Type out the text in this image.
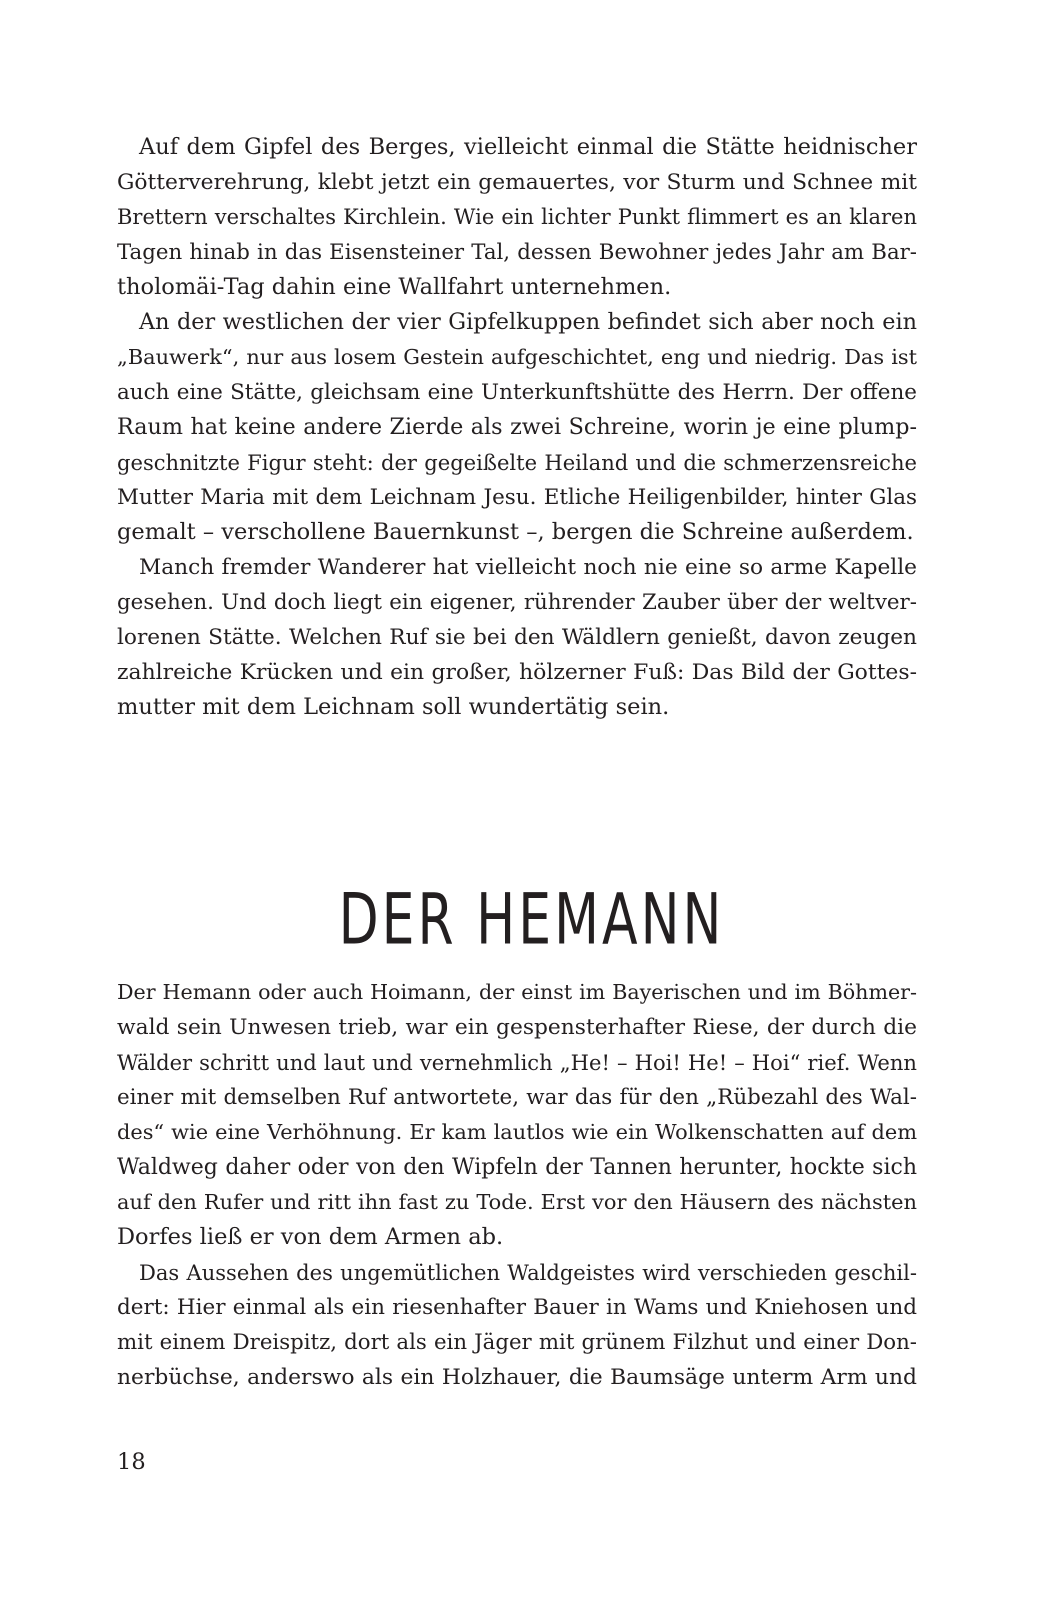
Auf dem Gipfel des Berges, vielleicht einmal die Stätte heidnischer
Götterverehrung, klebt jetzt ein gemauertes, vor Sturm und Schnee mit
Brettern verschaltes Kirchlein. Wie ein lichter Punkt flimmert es an klaren
Tagen hinab in das Eisensteiner Tal, dessen Bewohner jedes Jahr am Bar-
tholomäi-Tag dahin eine Wallfahrt unternehmen.
An der westlichen der vier Gipfelkuppen befindet sich aber noch ein
„Bauwerk“, nur aus losem Gestein aufgeschichtet, eng und niedrig. Das ist
auch eine Stätte, gleichsam eine Unterkunftshütte des Herrn. Der offene
Raum hat keine andere Zierde als zwei Schreine, worin je eine plump-
geschnitzte Figur steht: der gegeißelte Heiland und die schmerzensreiche
Mutter Maria mit dem Leichnam Jesu. Etliche Heiligenbilder, hinter Glas
gemalt – verschollene Bauernkunst –, bergen die Schreine außerdem.
Manch fremder Wanderer hat vielleicht noch nie eine so arme Kapelle
gesehen. Und doch liegt ein eigener, rührender Zauber über der weltver-
lorenen Stätte. Welchen Ruf sie bei den Wäldlern genießt, davon zeugen
zahlreiche Krücken und ein großer, hölzerner Fuß: Das Bild der Gottes-
mutter mit dem Leichnam soll wundertätig sein.
DER HEMANN
Der Hemann oder auch Hoimann, der einst im Bayerischen und im Böhmer-
wald sein Unwesen trieb, war ein gespensterhafter Riese, der durch die
Wälder schritt und laut und vernehmlich „He! – Hoi! He! – Hoi“ rief. Wenn
einer mit demselben Ruf antwortete, war das für den „Rübezahl des Wal-
des“ wie eine Verhöhnung. Er kam lautlos wie ein Wolkenschatten auf dem
Waldweg daher oder von den Wipfeln der Tannen herunter, hockte sich
auf den Rufer und ritt ihn fast zu Tode. Erst vor den Häusern des nächsten
Dorfes ließ er von dem Armen ab.
Das Aussehen des ungemütlichen Waldgeistes wird verschieden geschil-
dert: Hier einmal als ein riesenhafter Bauer in Wams und Kniehosen und
mit einem Dreispitz, dort als ein Jäger mit grünem Filzhut und einer Don-
nerbüchse, anderswo als ein Holzhauer, die Baumsäge unterm Arm und
18
